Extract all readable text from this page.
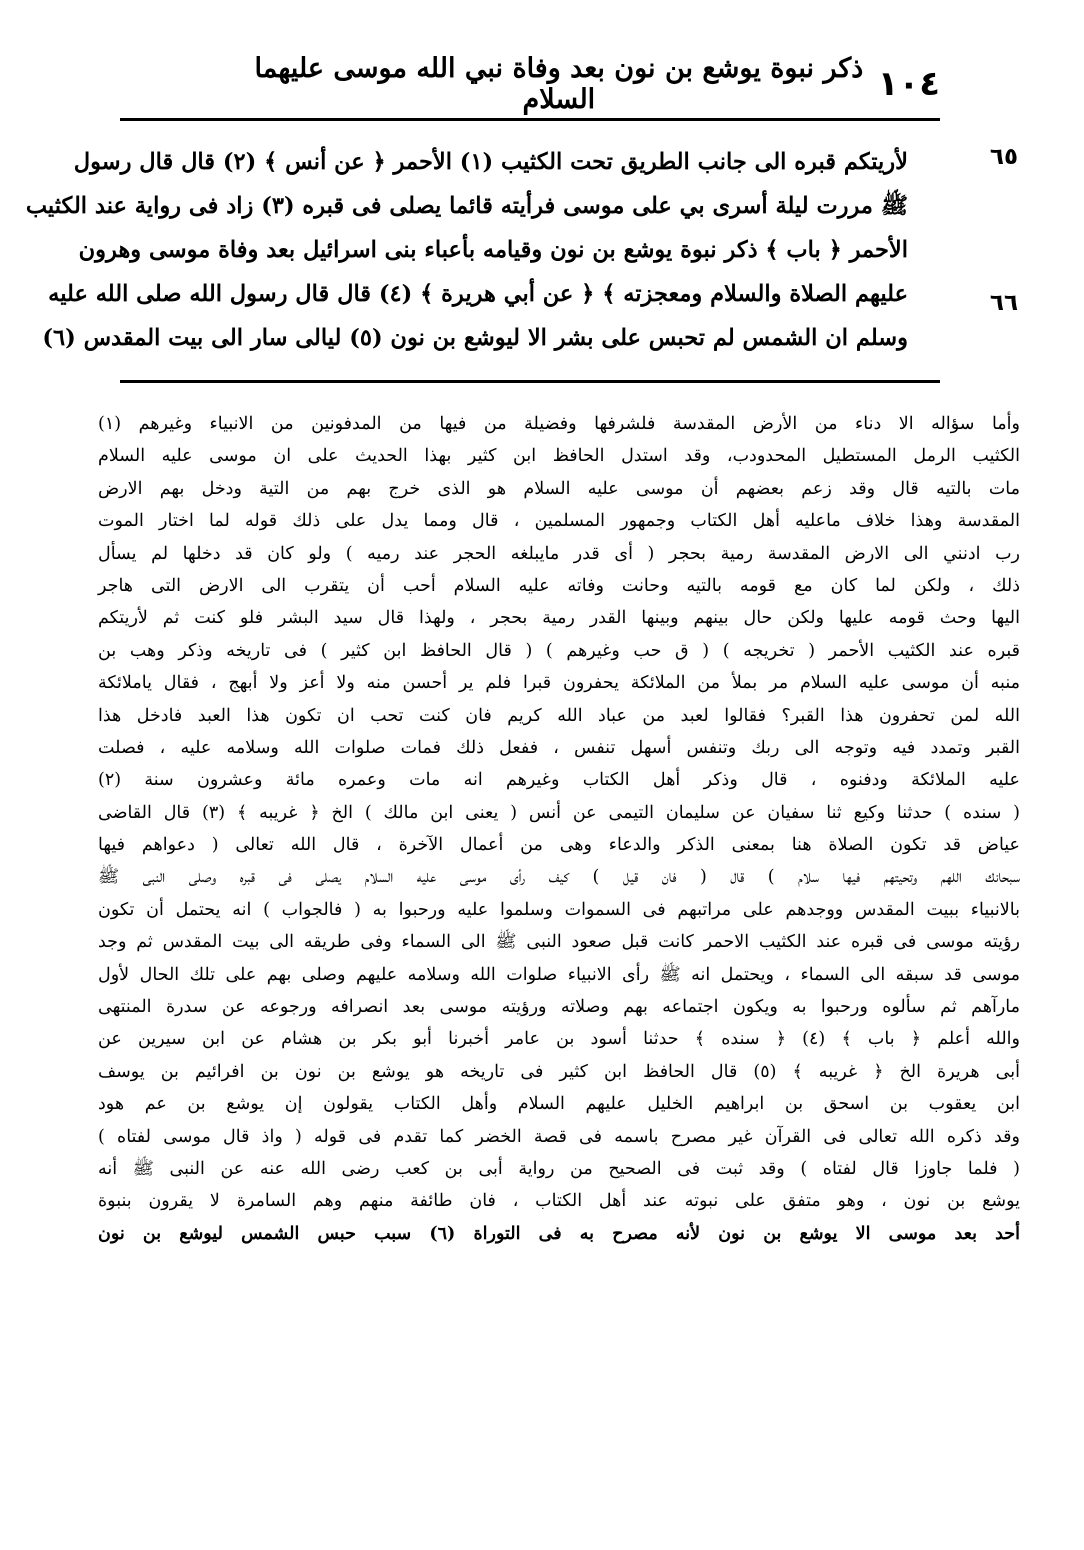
١٠٤
ذكر نبوة يوشع بن نون بعد وفاة نبي الله موسى عليهما السلام
٦٥
٦٦
لأريتكم قبره الى جانب الطريق تحت الكثيب (١) الأحمر ﴿ عن أنس ﴾ (٢) قال قال رسول
ﷺ مررت ليلة أسرى بي على موسى فرأيته قائما يصلى فى قبره (٣) زاد فى رواية عند الكثيب
الأحمر ﴿ باب ﴾ ذكر نبوة يوشع بن نون وقيامه بأعباء بنى اسرائيل بعد وفاة موسى وهرون
عليهم الصلاة والسلام ومعجزته ﴾ ﴿ عن أبي هريرة ﴾ (٤) قال قال رسول الله صلى الله عليه
وسلم ان الشمس لم تحبس على بشر الا ليوشع بن نون (٥) ليالى سار الى بيت المقدس (٦)
وأما سؤاله الا دناء من الأرض المقدسة فلشرفها وفضيلة من فيها من المدفونين من الانبياء وغيرهم (١)
الكثيب الرمل المستطيل المحدودب، وقد استدل الحافظ ابن كثير بهذا الحديث على ان موسى عليه السلام
مات بالتيه قال وقد زعم بعضهم أن موسى عليه السلام هو الذى خرج بهم من التية ودخل بهم الارض
المقدسة وهذا خلاف ماعليه أهل الكتاب وجمهور المسلمين ، قال ومما يدل على ذلك قوله لما اختار الموت
رب ادنني الى الارض المقدسة رمية بحجر ( أى قدر مايبلغه الحجر عند رميه ) ولو كان قد دخلها لم يسأل
ذلك ، ولكن لما كان مع قومه بالتيه وحانت وفاته عليه السلام أحب أن يتقرب الى الارض التى هاجر
اليها وحث قومه عليها ولكن حال بينهم وبينها القدر رمية بحجر ، ولهذا قال سيد البشر فلو كنت ثم لأريتكم
قبره عند الكثيب الأحمر ( تخريجه ) ( ق حب وغيرهم ) ( قال الحافظ ابن كثير ) فى تاريخه وذكر وهب بن
منبه أن موسى عليه السلام مر بملأ من الملائكة يحفرون قبرا فلم ير أحسن منه ولا أعز ولا أبهج ، فقال ياملائكة
الله لمن تحفرون هذا القبر؟ فقالوا لعبد من عباد الله كريم فان كنت تحب ان تكون هذا العبد فادخل هذا
القبر وتمدد فيه وتوجه الى ربك وتنفس أسهل تنفس ، ففعل ذلك فمات صلوات الله وسلامه عليه ، فصلت
عليه الملائكة ودفنوه ، قال وذكر أهل الكتاب وغيرهم انه مات وعمره مائة وعشرون سنة (٢)
( سنده ) حدثنا وكيع ثنا سفيان عن سليمان التيمى عن أنس ( يعنى ابن مالك ) الخ ﴿ غريبه ﴾ (٣) قال القاضى
عياض قد تكون الصلاة هنا بمعنى الذكر والدعاء وهى من أعمال الآخرة ، قال الله تعالى ( دعواهم فيها
سبحانك اللهم وتحيتهم فيها سلام ) قال ( فان قيل ) كيف رأى موسى عليه السلام يصلى فى قبره وصلى النبى ﷺ
بالانبياء ببيت المقدس ووجدهم على مراتبهم فى السموات وسلموا عليه ورحبوا به ( فالجواب ) انه يحتمل أن تكون
رؤيته موسى فى قبره عند الكثيب الاحمر كانت قبل صعود النبى ﷺ الى السماء وفى طريقه الى بيت المقدس ثم وجد
موسى قد سبقه الى السماء ، ويحتمل انه ﷺ رأى الانبياء صلوات الله وسلامه عليهم وصلى بهم على تلك الحال لأول
مارآهم ثم سألوه ورحبوا به ويكون اجتماعه بهم وصلاته ورؤيته موسى بعد انصرافه ورجوعه عن سدرة المنتهى
والله أعلم ﴿ باب ﴾ (٤) ﴿ سنده ﴾ حدثنا أسود بن عامر أخبرنا أبو بكر بن هشام عن ابن سيرين عن
أبى هريرة الخ ﴿ غريبه ﴾ (٥) قال الحافظ ابن كثير فى تاريخه هو يوشع بن نون بن افرائيم بن يوسف
ابن يعقوب بن اسحق بن ابراهيم الخليل عليهم السلام وأهل الكتاب يقولون إن يوشع بن عم هود
وقد ذكره الله تعالى فى القرآن غير مصرح باسمه فى قصة الخضر كما تقدم فى قوله ( واذ قال موسى لفتاه )
( فلما جاوزا قال لفتاه ) وقد ثبت فى الصحيح من رواية أبى بن كعب رضى الله عنه عن النبى ﷺ أنه
يوشع بن نون ، وهو متفق على نبوته عند أهل الكتاب ، فان طائفة منهم وهم السامرة لا يقرون بنبوة
أحد بعد موسى الا يوشع بن نون لأنه مصرح به فى التوراة (٦) سبب حبس الشمس ليوشع بن نون
